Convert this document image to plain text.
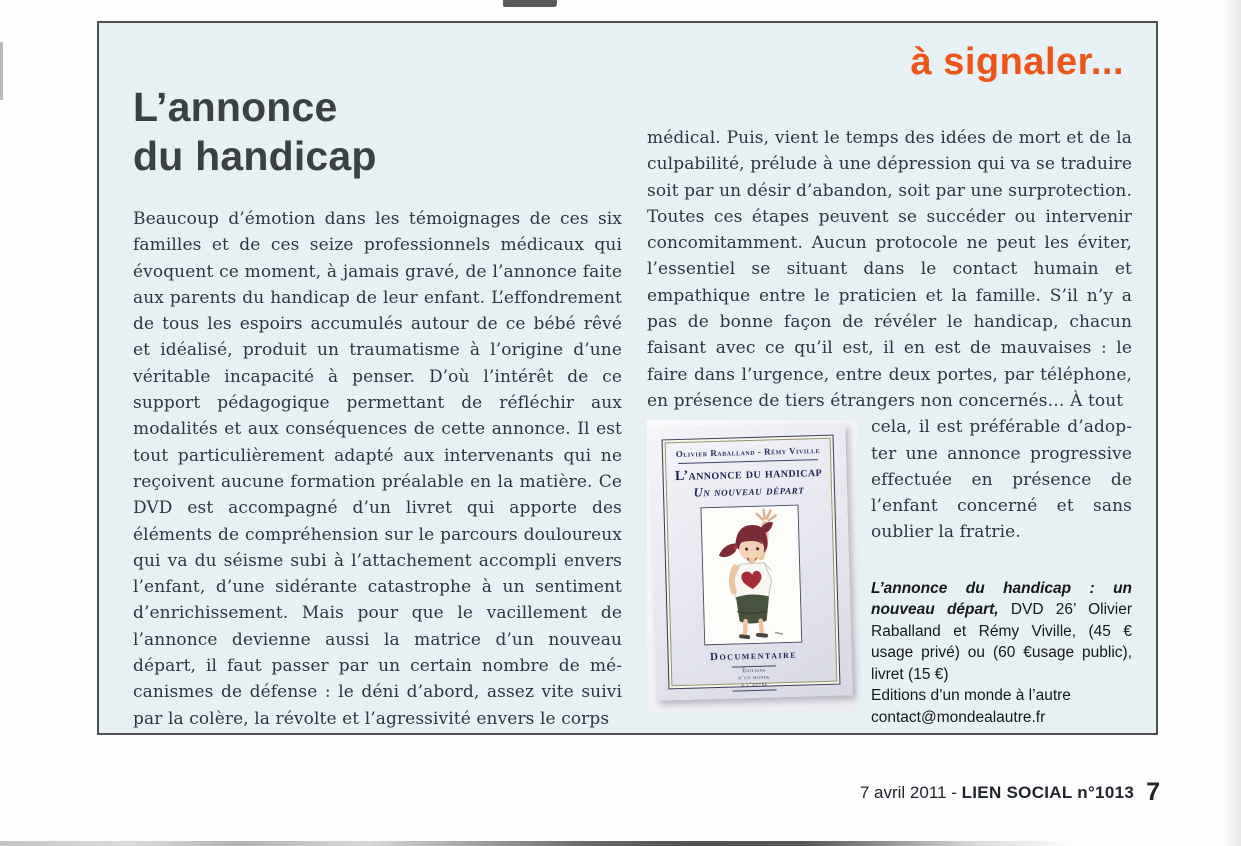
à signaler...
L’annonce
du handicap

Beaucoup d’émotion dans les témoignages de ces six familles et de ces seize professionnels médicaux qui évoquent ce moment, à jamais gravé, de l’annonce faite aux parents du handicap de leur enfant. L’effondrement de tous les espoirs accumulés autour de ce bébé rêvé et idéalisé, produit un traumatisme à l’origine d’une véritable incapacité à penser. D’où l’intérêt de ce support pédagogique permettant de réfléchir aux modalités et aux conséquences de cette annonce. Il est tout particulièrement adapté aux intervenants qui ne reçoivent aucune formation préalable en la matière. Ce DVD est accompagné d’un livret qui apporte des éléments de compréhension sur le parcours douloureux qui va du séisme subi à l’attachement accompli envers l’enfant, d’une sidérante catastrophe à un sentiment d’enrichissement. Mais pour que le vacillement de l’annonce devienne aussi la matrice d’un nouveau départ, il faut passer par un certain nombre de mécanismes de défense : le déni d’abord, assez vite suivi par la colère, la révolte et l’agressivité envers le corps

médical. Puis, vient le temps des idées de mort et de la culpabilité, prélude à une dépression qui va se traduire soit par un désir d’abandon, soit par une surprotection. Toutes ces étapes peuvent se succéder ou intervenir concomitamment. Aucun protocole ne peut les éviter, l’essentiel se situant dans le contact humain et empathique entre le praticien et la famille. S’il n’y a pas de bonne façon de révéler le handicap, chacun faisant avec ce qu’il est, il en est de mauvaises : le faire dans l’urgence, entre deux portes, par téléphone, en présence de tiers étrangers non concernés… À tout

Olivier Raballand - Rémy Viville
L’annonce du handicap
Un nouveau départ
Documentaire
Éditions
d’un monde
à l’autre

cela, il est préférable d’adopter une annonce progressive effectuée en présence de l’enfant concerné et sans oublier la fratrie.

L’annonce du handicap : un nouveau départ, DVD 26’ Olivier Raballand et Rémy Viville, (45 € usage privé) ou (60 €usage public), livret (15 €)

Editions d’un monde à l’autre
contact@mondealautre.fr
7 avril 2011 - LIEN SOCIAL n°1013 7
